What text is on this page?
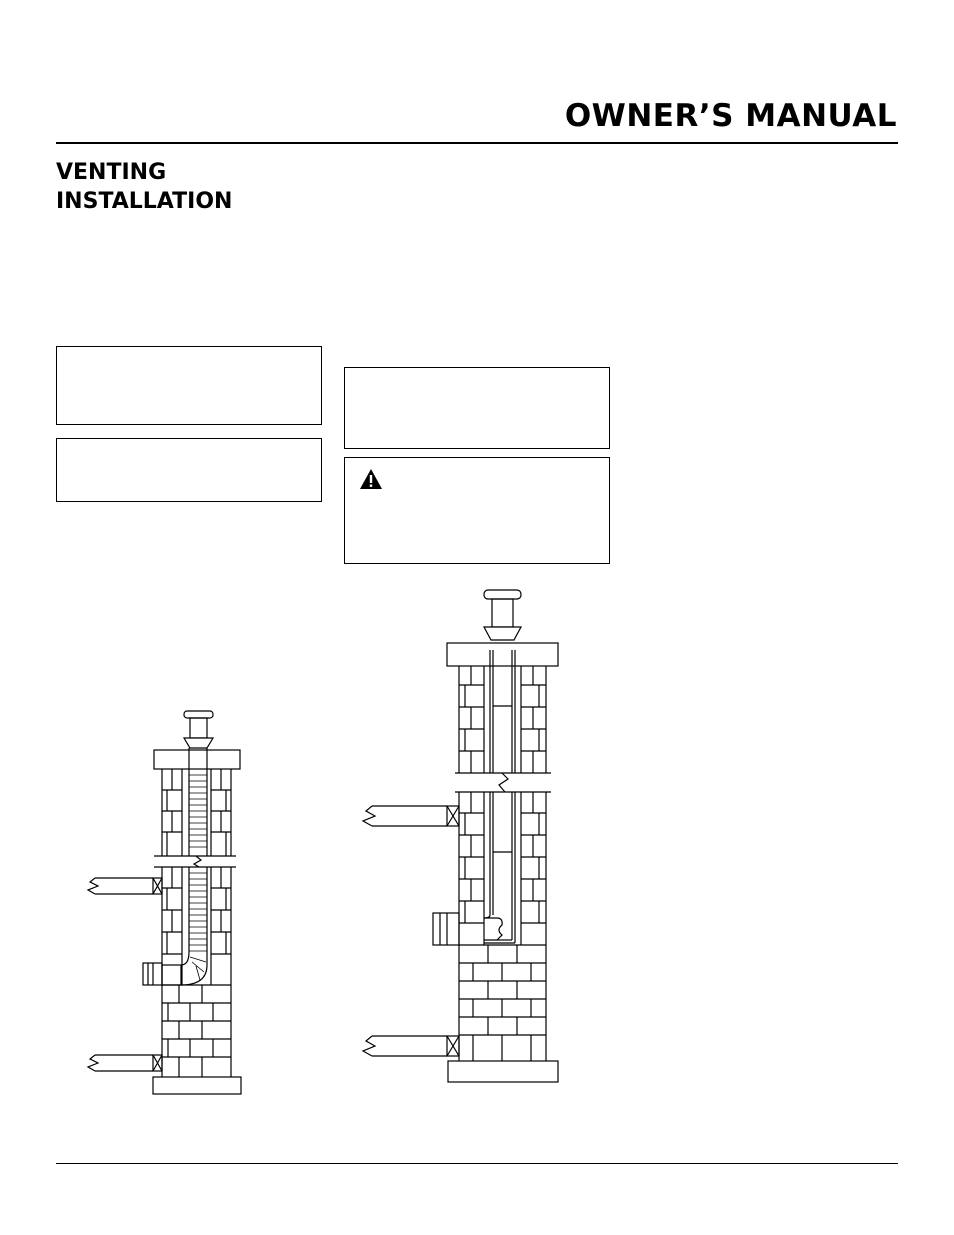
OWNER’S MANUAL
VENTING
INSTALLATION
